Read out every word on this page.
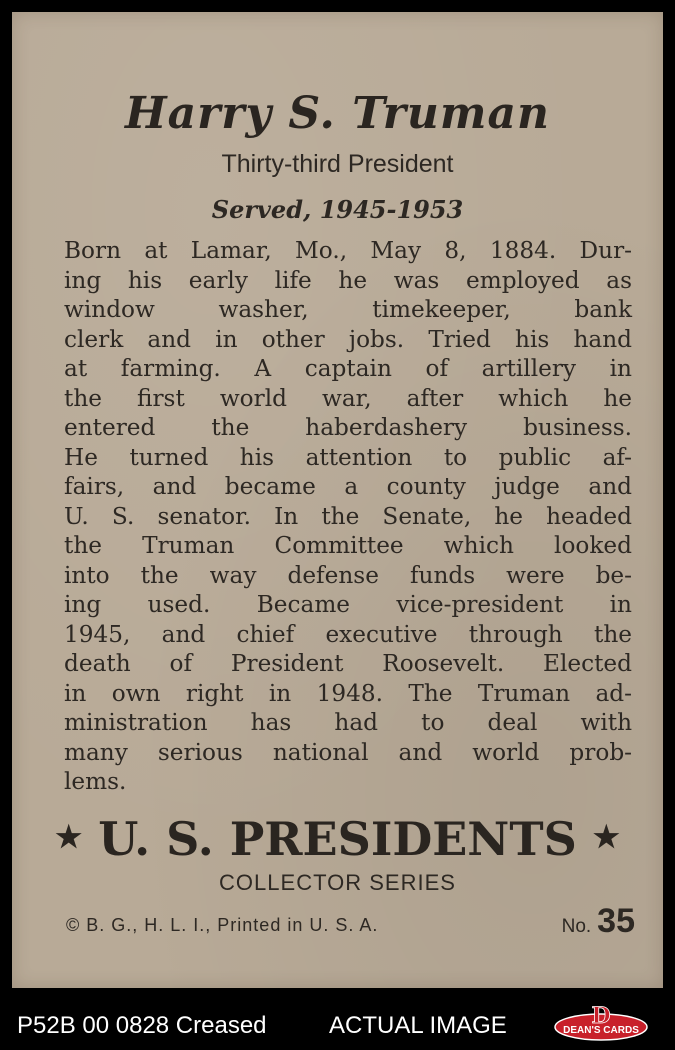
Harry S. Truman
Thirty-third President
Served, 1945-1953
Born at Lamar, Mo., May 8, 1884. Dur-
ing his early life he was employed as
window washer, timekeeper, bank
clerk and in other jobs. Tried his hand
at farming. A captain of artillery in
the first world war, after which he
entered the haberdashery business.
He turned his attention to public af-
fairs, and became a county judge and
U. S. senator. In the Senate, he headed
the Truman Committee which looked
into the way defense funds were be-
ing used. Became vice-president in
1945, and chief executive through the
death of President Roosevelt. Elected
in own right in 1948. The Truman ad-
ministration has had to deal with
many serious national and world prob-
lems.
★ U. S. PRESIDENTS ★
COLLECTOR SERIES
© B. G., H. L. I., Printed in U. S. A.	No. 35
P52B 00 0828 Creased	ACTUAL IMAGE	D
DEAN'S CARDS
